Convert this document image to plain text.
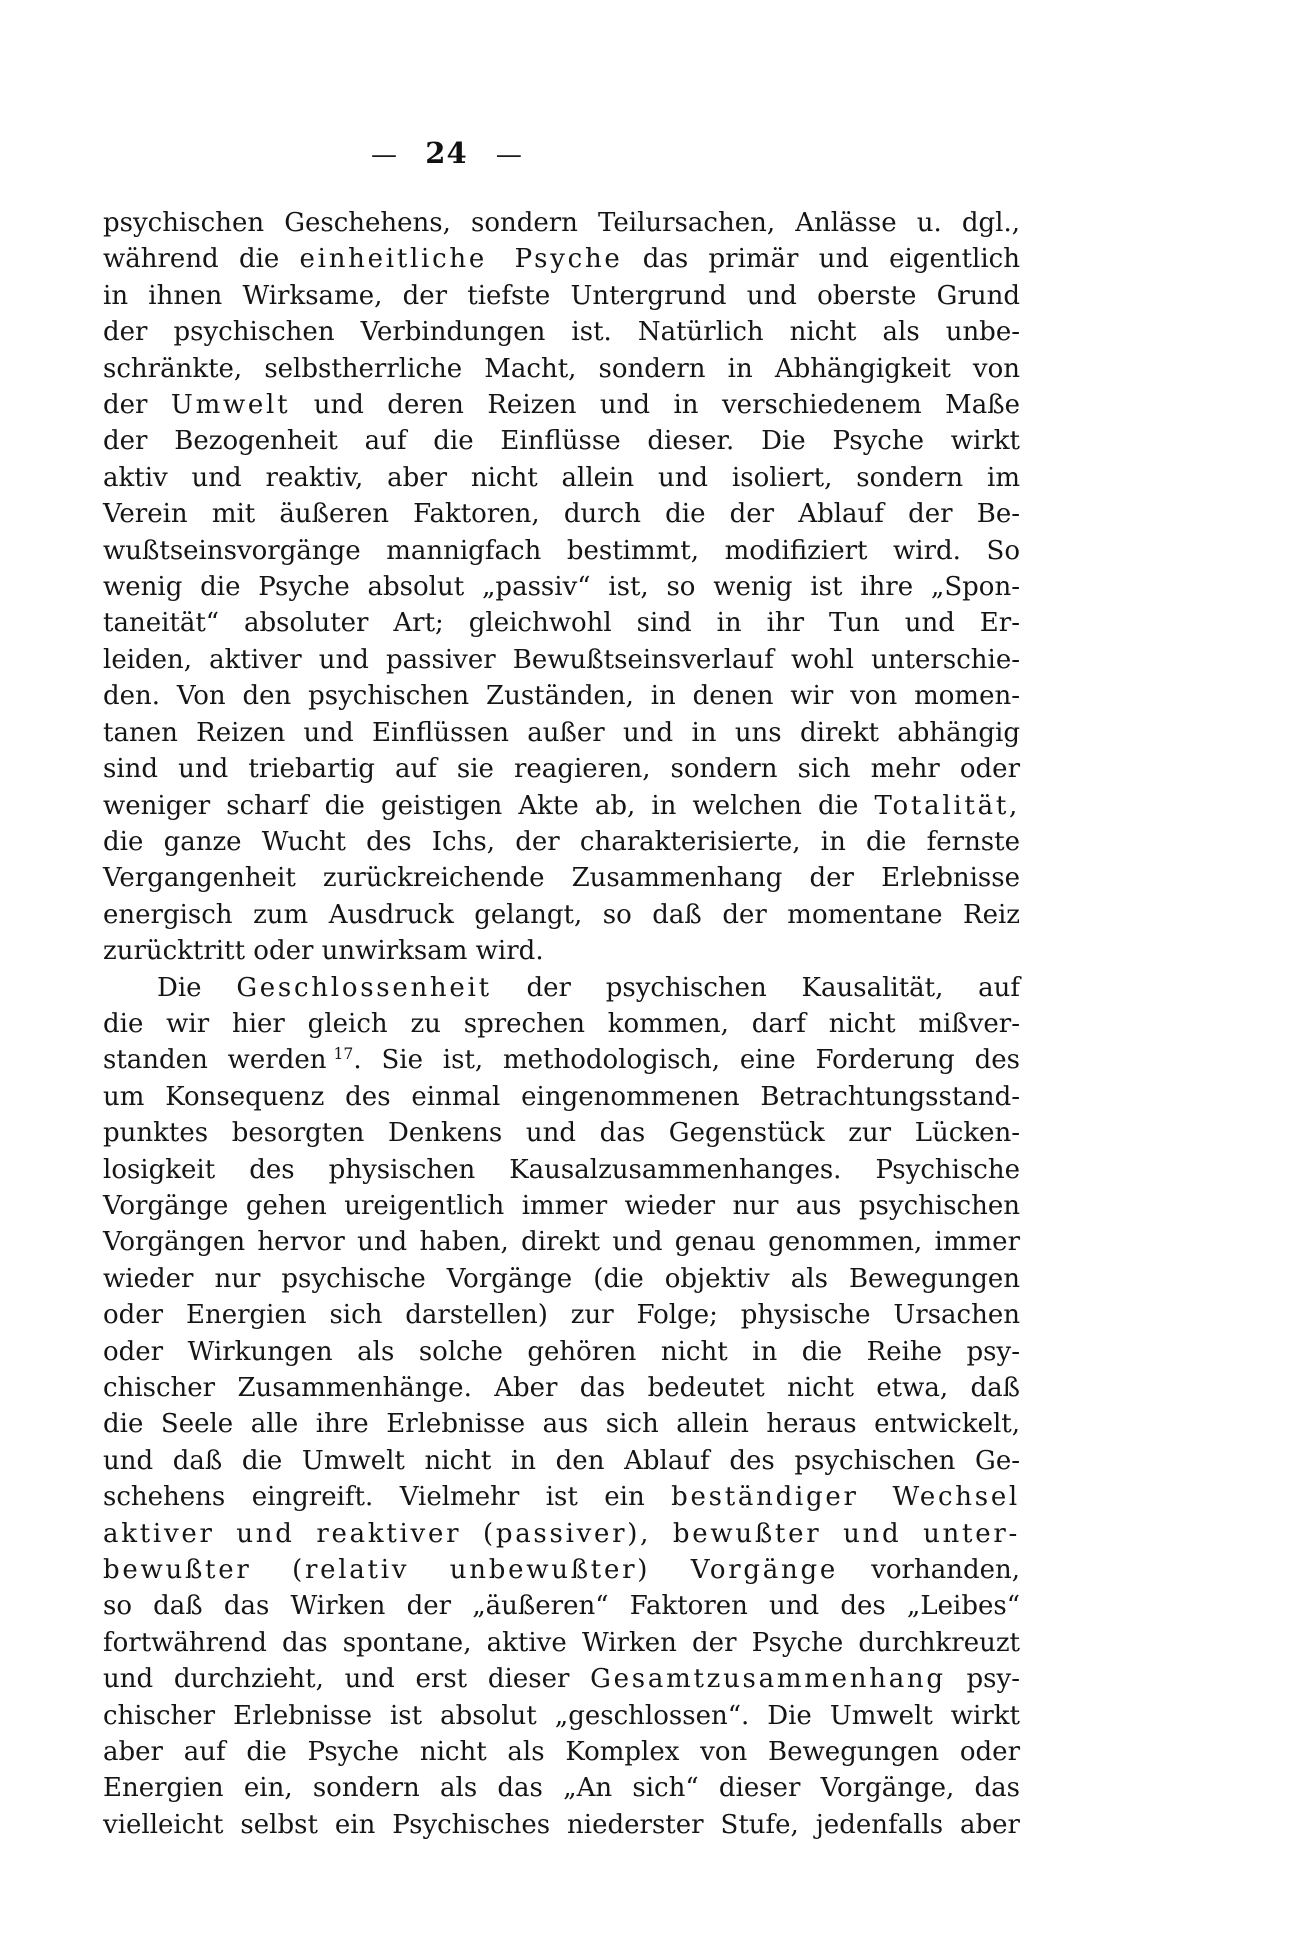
— 24 —
psychischen Geschehens, sondern Teilursachen, Anlässe u. dgl.,
während die einheitliche Psyche das primär und eigentlich
in ihnen Wirksame, der tiefste Untergrund und oberste Grund
der psychischen Verbindungen ist. Natürlich nicht als unbe-
schränkte, selbstherrliche Macht, sondern in Abhängigkeit von
der Umwelt und deren Reizen und in verschiedenem Maße
der Bezogenheit auf die Einflüsse dieser. Die Psyche wirkt
aktiv und reaktiv, aber nicht allein und isoliert, sondern im
Verein mit äußeren Faktoren, durch die der Ablauf der Be-
wußtseinsvorgänge mannigfach bestimmt, modifiziert wird. So
wenig die Psyche absolut „passiv“ ist, so wenig ist ihre „Spon-
taneität“ absoluter Art; gleichwohl sind in ihr Tun und Er-
leiden, aktiver und passiver Bewußtseinsverlauf wohl unterschie-
den. Von den psychischen Zuständen, in denen wir von momen-
tanen Reizen und Einflüssen außer und in uns direkt abhängig
sind und triebartig auf sie reagieren, sondern sich mehr oder
weniger scharf die geistigen Akte ab, in welchen die Totalität,
die ganze Wucht des Ichs, der charakterisierte, in die fernste
Vergangenheit zurückreichende Zusammenhang der Erlebnisse
energisch zum Ausdruck gelangt, so daß der momentane Reiz
zurücktritt oder unwirksam wird.
Die Geschlossenheit der psychischen Kausalität, auf
die wir hier gleich zu sprechen kommen, darf nicht mißver-
standen werden $^{17}$. Sie ist, methodologisch, eine Forderung des
um Konsequenz des einmal eingenommenen Betrachtungsstand-
punktes besorgten Denkens und das Gegenstück zur Lücken-
losigkeit des physischen Kausalzusammenhanges. Psychische
Vorgänge gehen ureigentlich immer wieder nur aus psychischen
Vorgängen hervor und haben, direkt und genau genommen, immer
wieder nur psychische Vorgänge (die objektiv als Bewegungen
oder Energien sich darstellen) zur Folge; physische Ursachen
oder Wirkungen als solche gehören nicht in die Reihe psy-
chischer Zusammenhänge. Aber das bedeutet nicht etwa, daß
die Seele alle ihre Erlebnisse aus sich allein heraus entwickelt,
und daß die Umwelt nicht in den Ablauf des psychischen Ge-
schehens eingreift. Vielmehr ist ein beständiger Wechsel
aktiver und reaktiver (passiver), bewußter und unter-
bewußter (relativ unbewußter) Vorgänge vorhanden,
so daß das Wirken der „äußeren“ Faktoren und des „Leibes“
fortwährend das spontane, aktive Wirken der Psyche durchkreuzt
und durchzieht, und erst dieser Gesamtzusammenhang psy-
chischer Erlebnisse ist absolut „geschlossen“. Die Umwelt wirkt
aber auf die Psyche nicht als Komplex von Bewegungen oder
Energien ein, sondern als das „An sich“ dieser Vorgänge, das
vielleicht selbst ein Psychisches niederster Stufe, jedenfalls aber
